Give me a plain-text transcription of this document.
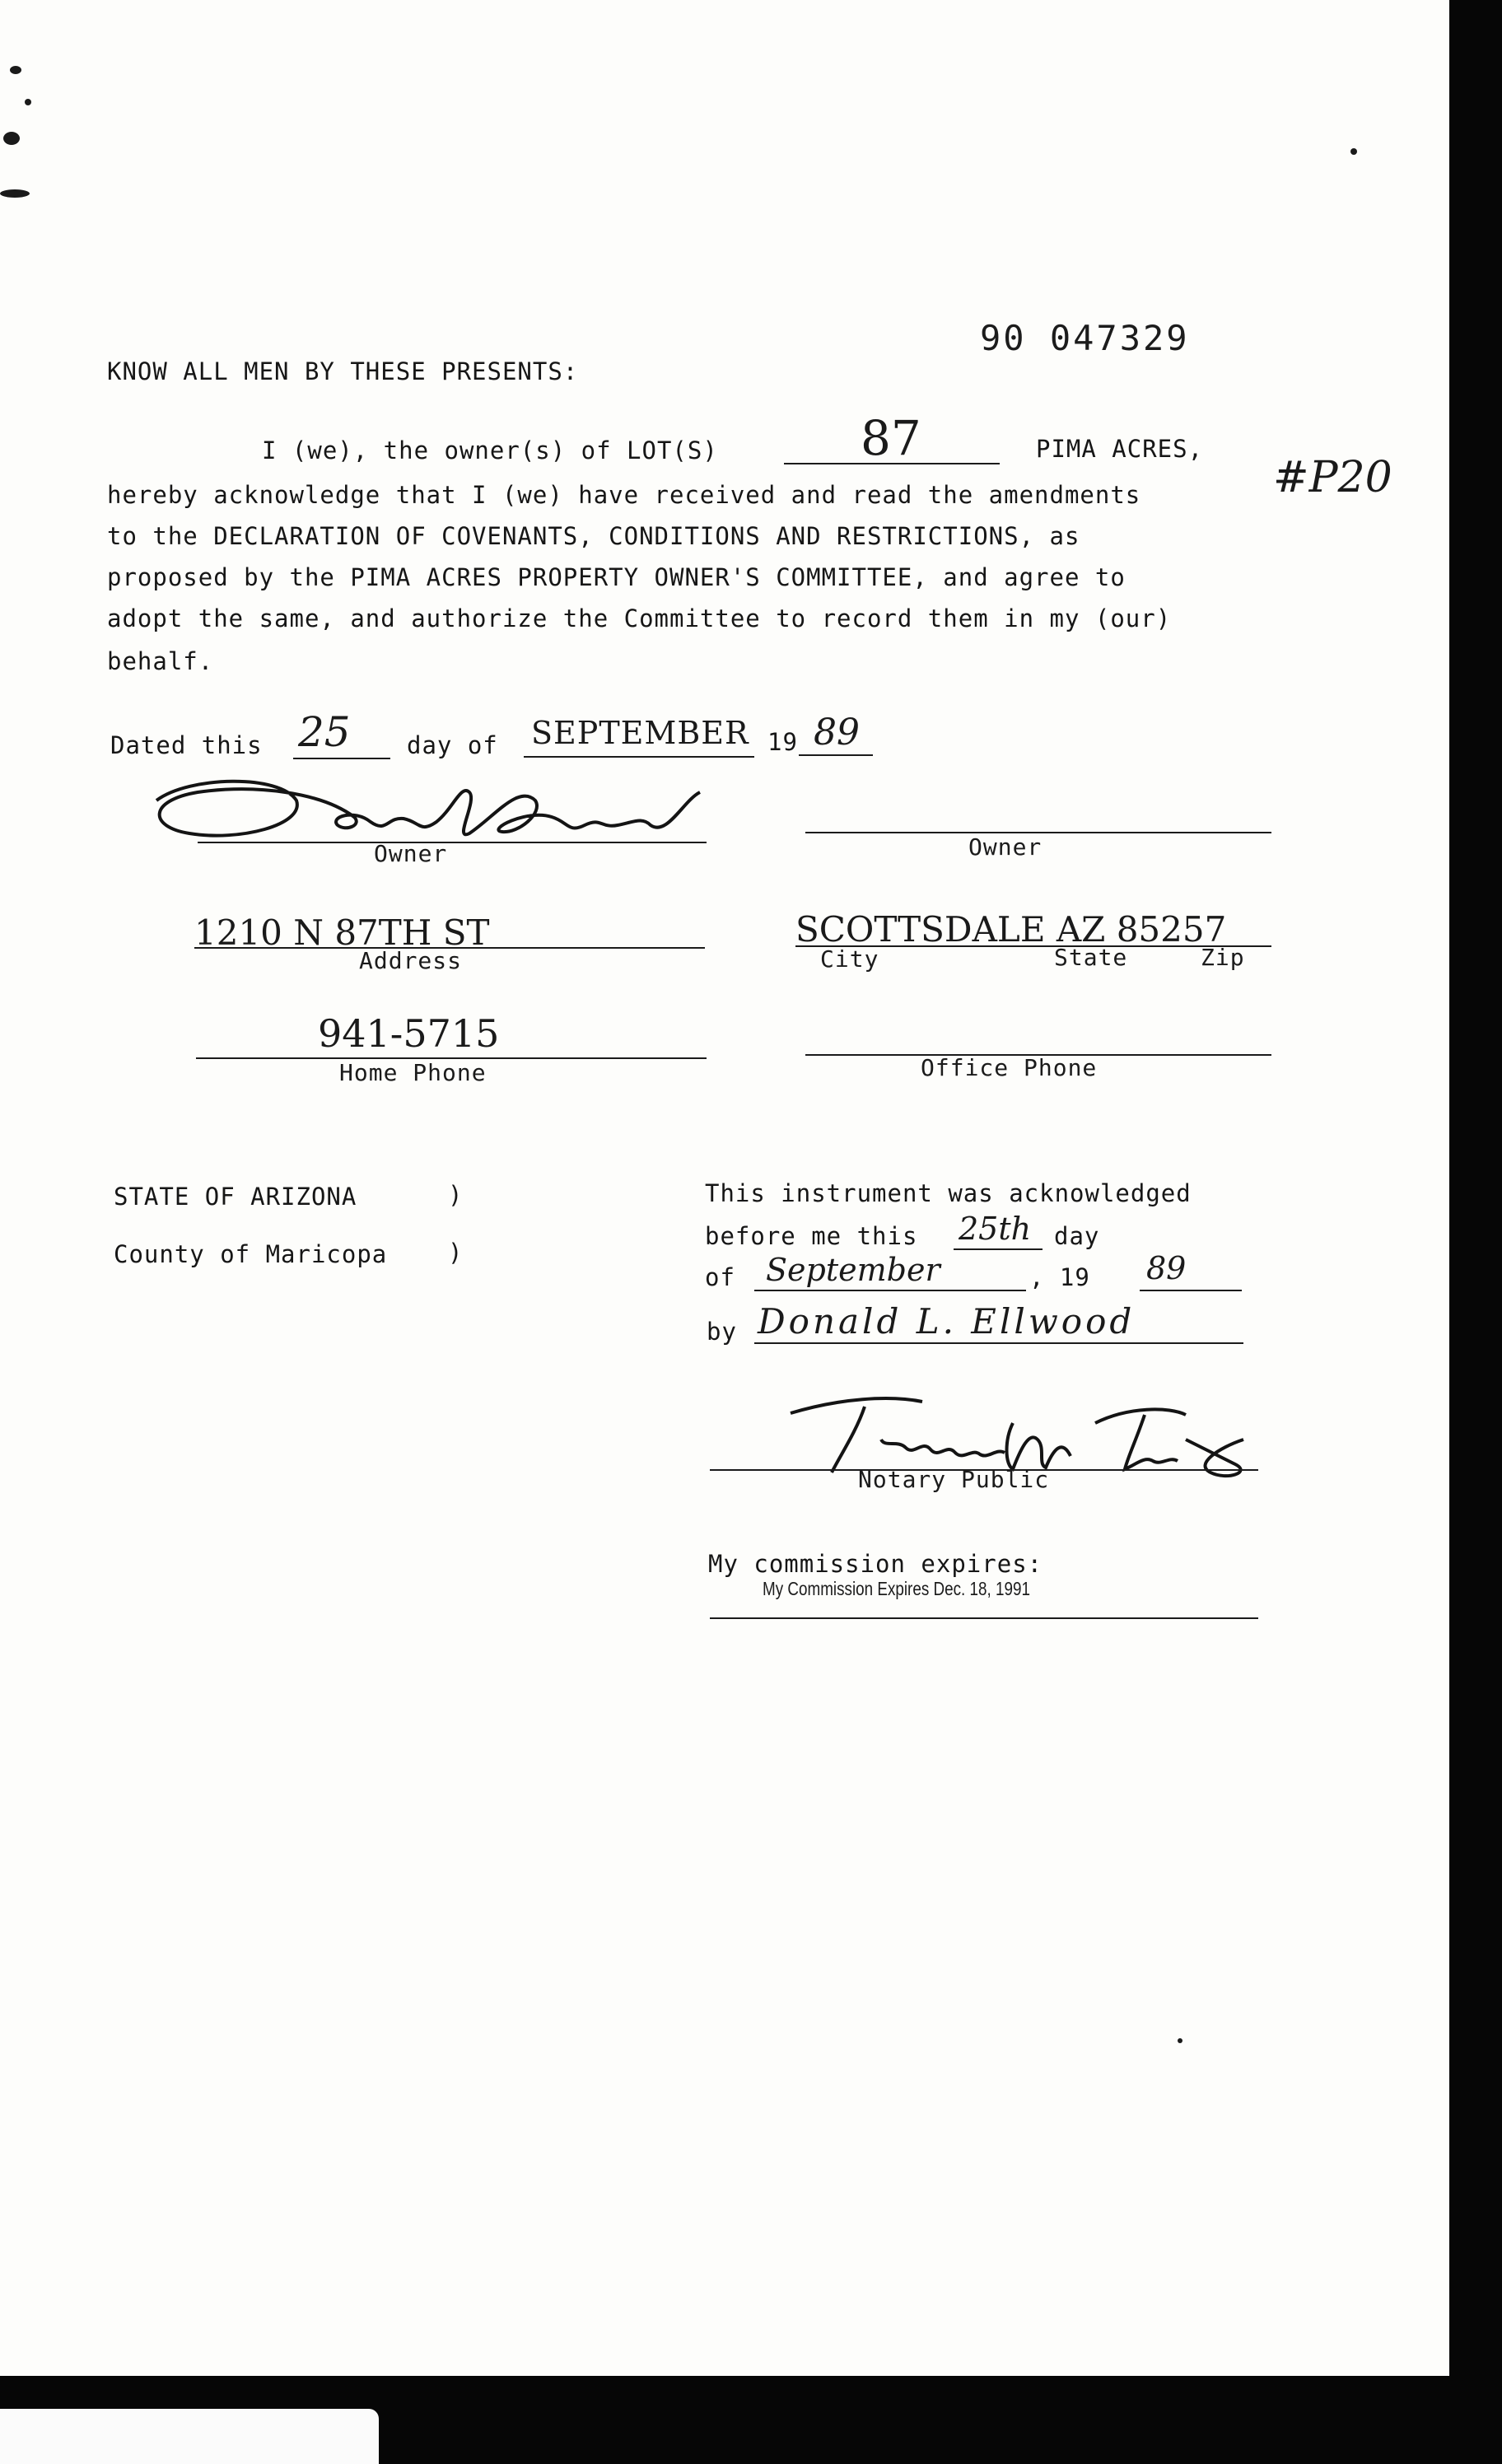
90 047329
KNOW ALL MEN BY THESE PRESENTS:
I (we), the owner(s) of LOT(S)	87	PIMA ACRES,
hereby acknowledge that I (we) have received and read the amendments	#P20
to the DECLARATION OF COVENANTS, CONDITIONS AND RESTRICTIONS, as
proposed by the PIMA ACRES PROPERTY OWNER'S COMMITTEE, and agree to
adopt the same, and authorize the Committee to record them in my (our)
behalf.
Dated this 25 day of SEPTEMBER 19 89
Owner	Owner
1210 N 87TH ST
Address
SCOTTSDALE AZ 85257
City	State	Zip
941-5715
Home Phone	Office Phone
STATE OF ARIZONA	)
County of Maricopa	)
This instrument was acknowledged
before me this 25th day
of September	, 19 89
by Donald L. Ellwood
Notary Public
My commission expires:
My Commission Expires Dec. 18, 1991
